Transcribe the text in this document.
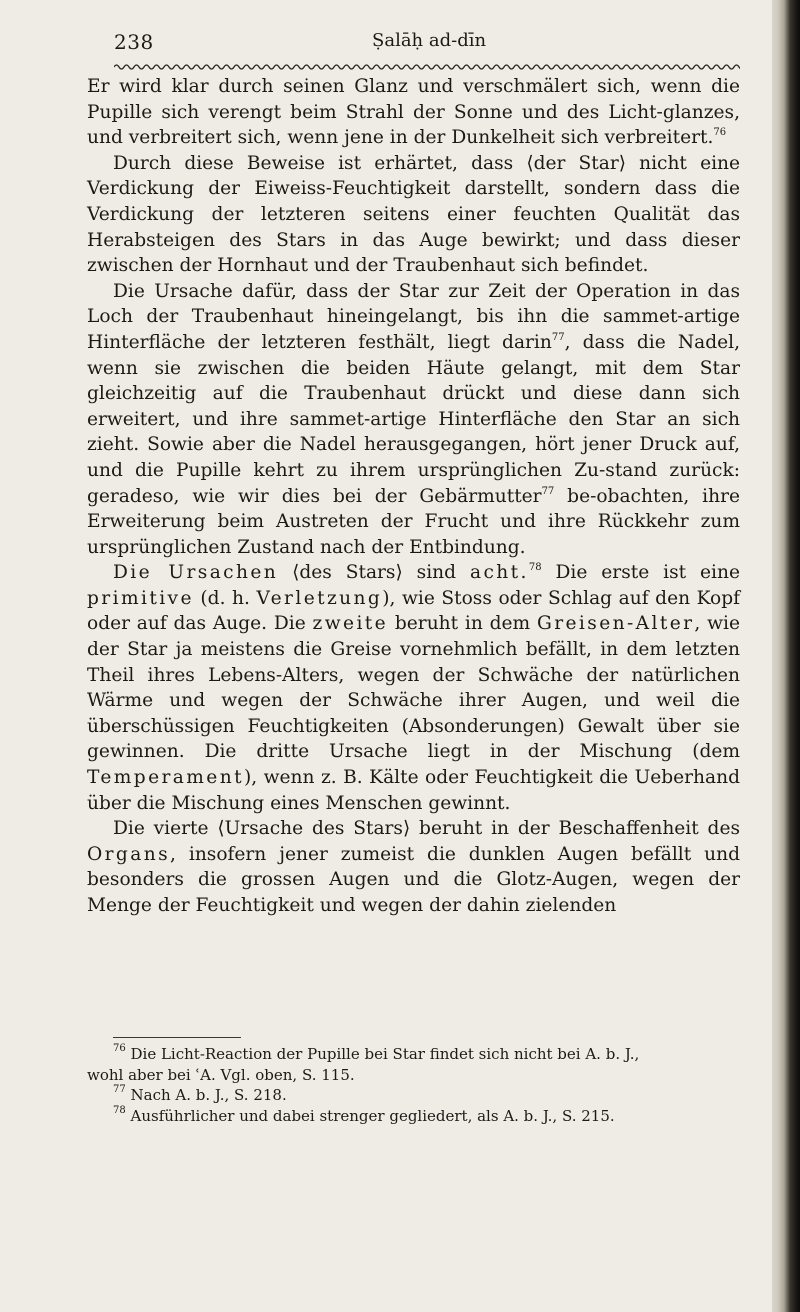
238	Ṣalāḥ ad-dīn

Er wird klar durch seinen Glanz und verschmälert sich, wenn die Pupille sich verengt beim Strahl der Sonne und des Licht-glanzes, und verbreitert sich, wenn jene in der Dunkelheit sich verbreitert.$^{76}$

Durch diese Beweise ist erhärtet, dass ⟨der Star⟩ nicht eine Verdickung der Eiweiss-Feuchtigkeit darstellt, sondern dass die Verdickung der letzteren seitens einer feuchten Qualität das Herabsteigen des Stars in das Auge bewirkt; und dass dieser zwischen der Hornhaut und der Traubenhaut sich befindet.

Die Ursache dafür, dass der Star zur Zeit der Operation in das Loch der Traubenhaut hineingelangt, bis ihn die sammet-artige Hinterfläche der letzteren festhält, liegt darin$^{77}$, dass die Nadel, wenn sie zwischen die beiden Häute gelangt, mit dem Star gleichzeitig auf die Traubenhaut drückt und diese dann sich erweitert, und ihre sammet-artige Hinterfläche den Star an sich zieht. Sowie aber die Nadel herausgegangen, hört jener Druck auf, und die Pupille kehrt zu ihrem ursprünglichen Zu-stand zurück: geradeso, wie wir dies bei der Gebärmutter$^{77}$ be-obachten, ihre Erweiterung beim Austreten der Frucht und ihre Rückkehr zum ursprünglichen Zustand nach der Entbindung.

Die Ursachen ⟨des Stars⟩ sind acht.$^{78}$ Die erste ist eine primitive (d. h. Verletzung), wie Stoss oder Schlag auf den Kopf oder auf das Auge. Die zweite beruht in dem Greisen-Alter, wie der Star ja meistens die Greise vornehmlich befällt, in dem letzten Theil ihres Lebens-Alters, wegen der Schwäche der natürlichen Wärme und wegen der Schwäche ihrer Augen, und weil die überschüssigen Feuchtigkeiten (Absonderungen) Gewalt über sie gewinnen. Die dritte Ursache liegt in der Mischung (dem Temperament), wenn z. B. Kälte oder Feuchtigkeit die Ueberhand über die Mischung eines Menschen gewinnt.

Die vierte ⟨Ursache des Stars⟩ beruht in der Beschaffenheit des Organs, insofern jener zumeist die dunklen Augen befällt und besonders die grossen Augen und die Glotz-Augen, wegen der Menge der Feuchtigkeit und wegen der dahin zielenden

$^{76}$ Die Licht-Reaction der Pupille bei Star findet sich nicht bei A. b. J.,

wohl aber bei ʿA. Vgl. oben, S. 115.

$^{77}$ Nach A. b. J., S. 218.

$^{78}$ Ausführlicher und dabei strenger gegliedert, als A. b. J., S. 215.
